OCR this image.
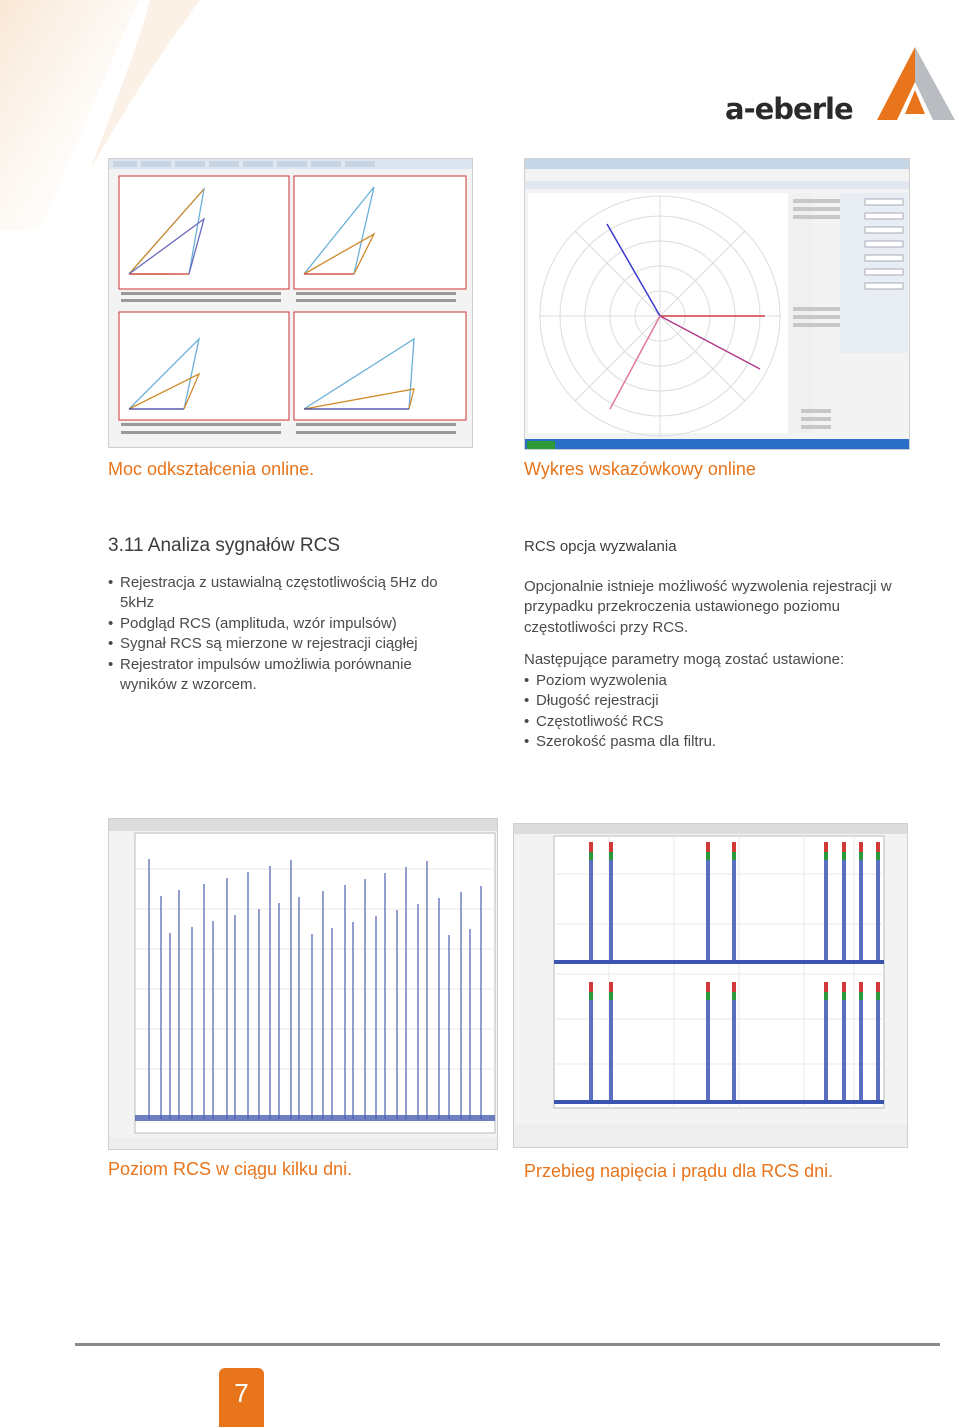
a-eberle
Moc odkształcenia online.	Wykres wskazówkowy online
3.11 Analiza sygnałów RCS
• Rejestracja z ustawialną częstotliwością 5Hz do 5kHz
• Podgląd RCS (amplituda, wzór impulsów)
• Sygnał RCS są mierzone w rejestracji ciągłej
• Rejestrator impulsów umożliwia porównanie wyników z wzorcem.
RCS opcja wyzwalania
Opcjonalnie istnieje możliwość wyzwolenia rejestracji w przypadku przekroczenia ustawionego poziomu częstotliwości przy RCS.
Następujące parametry mogą zostać ustawione:
• Poziom wyzwolenia
• Długość rejestracji
• Częstotliwość RCS
• Szerokość pasma dla filtru.
Poziom RCS w ciągu kilku dni.	Przebieg napięcia i prądu dla RCS dni.
7
